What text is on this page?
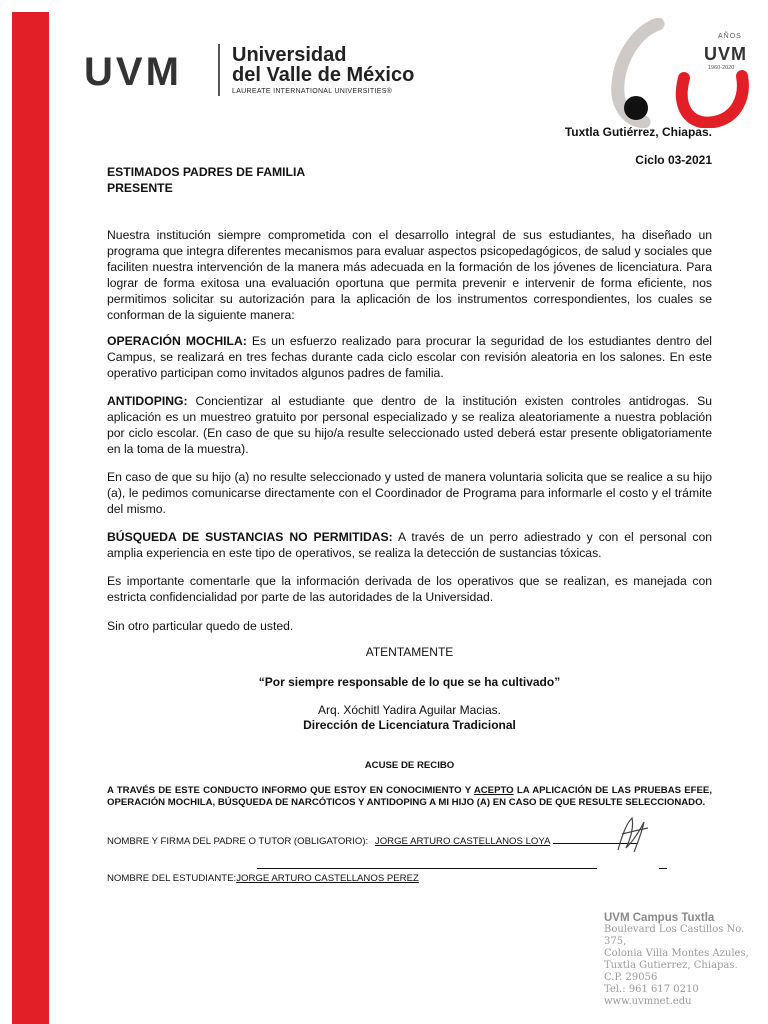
UVM	Universidad
del Valle de México
LAUREATE INTERNATIONAL UNIVERSITIES®
AÑOS
UVM
1960-2020
Tuxtla Gutiérrez, Chiapas.
Ciclo 03-2021
ESTIMADOS PADRES DE FAMILIA
PRESENTE

Nuestra institución siempre comprometida con el desarrollo integral de sus estudiantes, ha diseñado un programa que integra diferentes mecanismos para evaluar aspectos psicopedagógicos, de salud y sociales que faciliten nuestra intervención de la manera más adecuada en la formación de los jóvenes de licenciatura. Para lograr de forma exitosa una evaluación oportuna que permita prevenir e intervenir de forma eficiente, nos permitimos solicitar su autorización para la aplicación de los instrumentos correspondientes, los cuales se conforman de la siguiente manera:

OPERACIÓN MOCHILA: Es un esfuerzo realizado para procurar la seguridad de los estudiantes dentro del Campus, se realizará en tres fechas durante cada ciclo escolar con revisión aleatoria en los salones. En este operativo participan como invitados algunos padres de familia.

ANTIDOPING: Concientizar al estudiante que dentro de la institución existen controles antidrogas. Su aplicación es un muestreo gratuito por personal especializado y se realiza aleatoriamente a nuestra población por ciclo escolar. (En caso de que su hijo/a resulte seleccionado usted deberá estar presente obligatoriamente en la toma de la muestra).

En caso de que su hijo (a) no resulte seleccionado y usted de manera voluntaria solicita que se realice a su hijo (a), le pedimos comunicarse directamente con el Coordinador de Programa para informarle el costo y el trámite del mismo.

BÚSQUEDA DE SUSTANCIAS NO PERMITIDAS: A través de un perro adiestrado y con el personal con amplia experiencia en este tipo de operativos, se realiza la detección de sustancias tóxicas.

Es importante comentarle que la información derivada de los operativos que se realizan, es manejada con estricta confidencialidad por parte de las autoridades de la Universidad.

Sin otro particular quedo de usted.

ATENTAMENTE
“Por siempre responsable de lo que se ha cultivado”
Arq. Xóchitl Yadira Aguilar Macias.
Dirección de Licenciatura Tradicional
ACUSE DE RECIBO

A TRAVÉS DE ESTE CONDUCTO INFORMO QUE ESTOY EN CONOCIMIENTO Y ACEPTO LA APLICACIÓN DE LAS PRUEBAS EFEE, OPERACIÓN MOCHILA, BÚSQUEDA DE NARCÓTICOS Y ANTIDOPING A MI HIJO (A) EN CASO DE QUE RESULTE SELECCIONADO.

NOMBRE Y FIRMA DEL PADRE O TUTOR (OBLIGATORIO): JORGE ARTURO CASTELLANOS LOYA
NOMBRE DEL ESTUDIANTE:JORGE ARTURO CASTELLANOS PEREZ
UVM Campus Tuxtla
Boulevard Los Castillos No. 375,
Colonia Villa Montes Azules,
Tuxtla Gutierrez, Chiapas.
C.P. 29056
Tel.: 961 617 0210
www.uvmnet.edu
